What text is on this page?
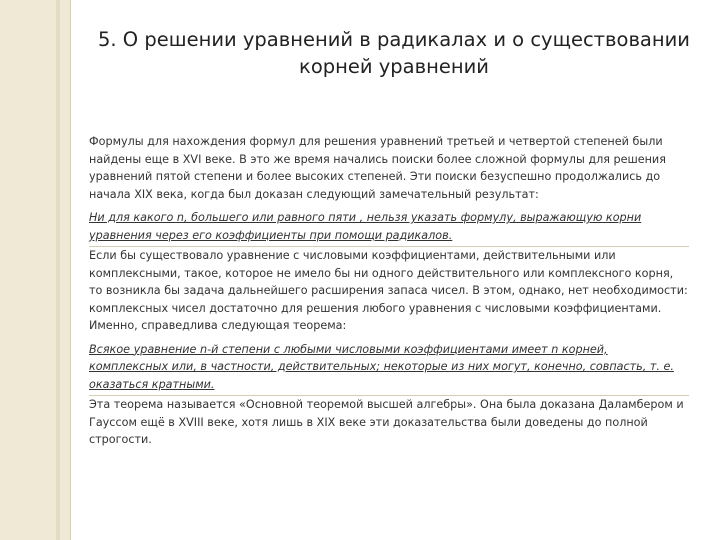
5. О решении уравнений в радикалах и о существовании
корней уравнений

Формулы для нахождения формул для решения уравнений третьей и четвертой степеней были найдены еще в XVI веке. В это же время начались поиски более сложной формулы для решения уравнений пятой степени и более высоких степеней. Эти поиски безуспешно продолжались до начала XIX века, когда был доказан следующий замечательный результат:

Ни для какого n, большего или равного пяти , нельзя указать формулу, выражающую корни уравнения через его коэффициенты при помощи радикалов.

Если бы существовало уравнение с числовыми коэффициентами, действительными или комплексными, такое, которое не имело бы ни одного действительного или комплексного корня, то возникла бы задача дальнейшего расширения запаса чисел. В этом, однако, нет необходимости: комплексных чисел достаточно для решения любого уравнения с числовыми коэффициентами. Именно, справедлива следующая теорема:

Всякое уравнение n-й степени с любыми числовыми коэффициентами имеет n корней, комплексных или, в частности, действительных; некоторые из них могут, конечно, совпасть, т. е. оказаться кратными.

Эта теорема называется «Основной теоремой высшей алгебры». Она была доказана Даламбером и Гауссом ещё в XVIII веке, хотя лишь в XIX веке эти доказательства были доведены до полной строгости.
